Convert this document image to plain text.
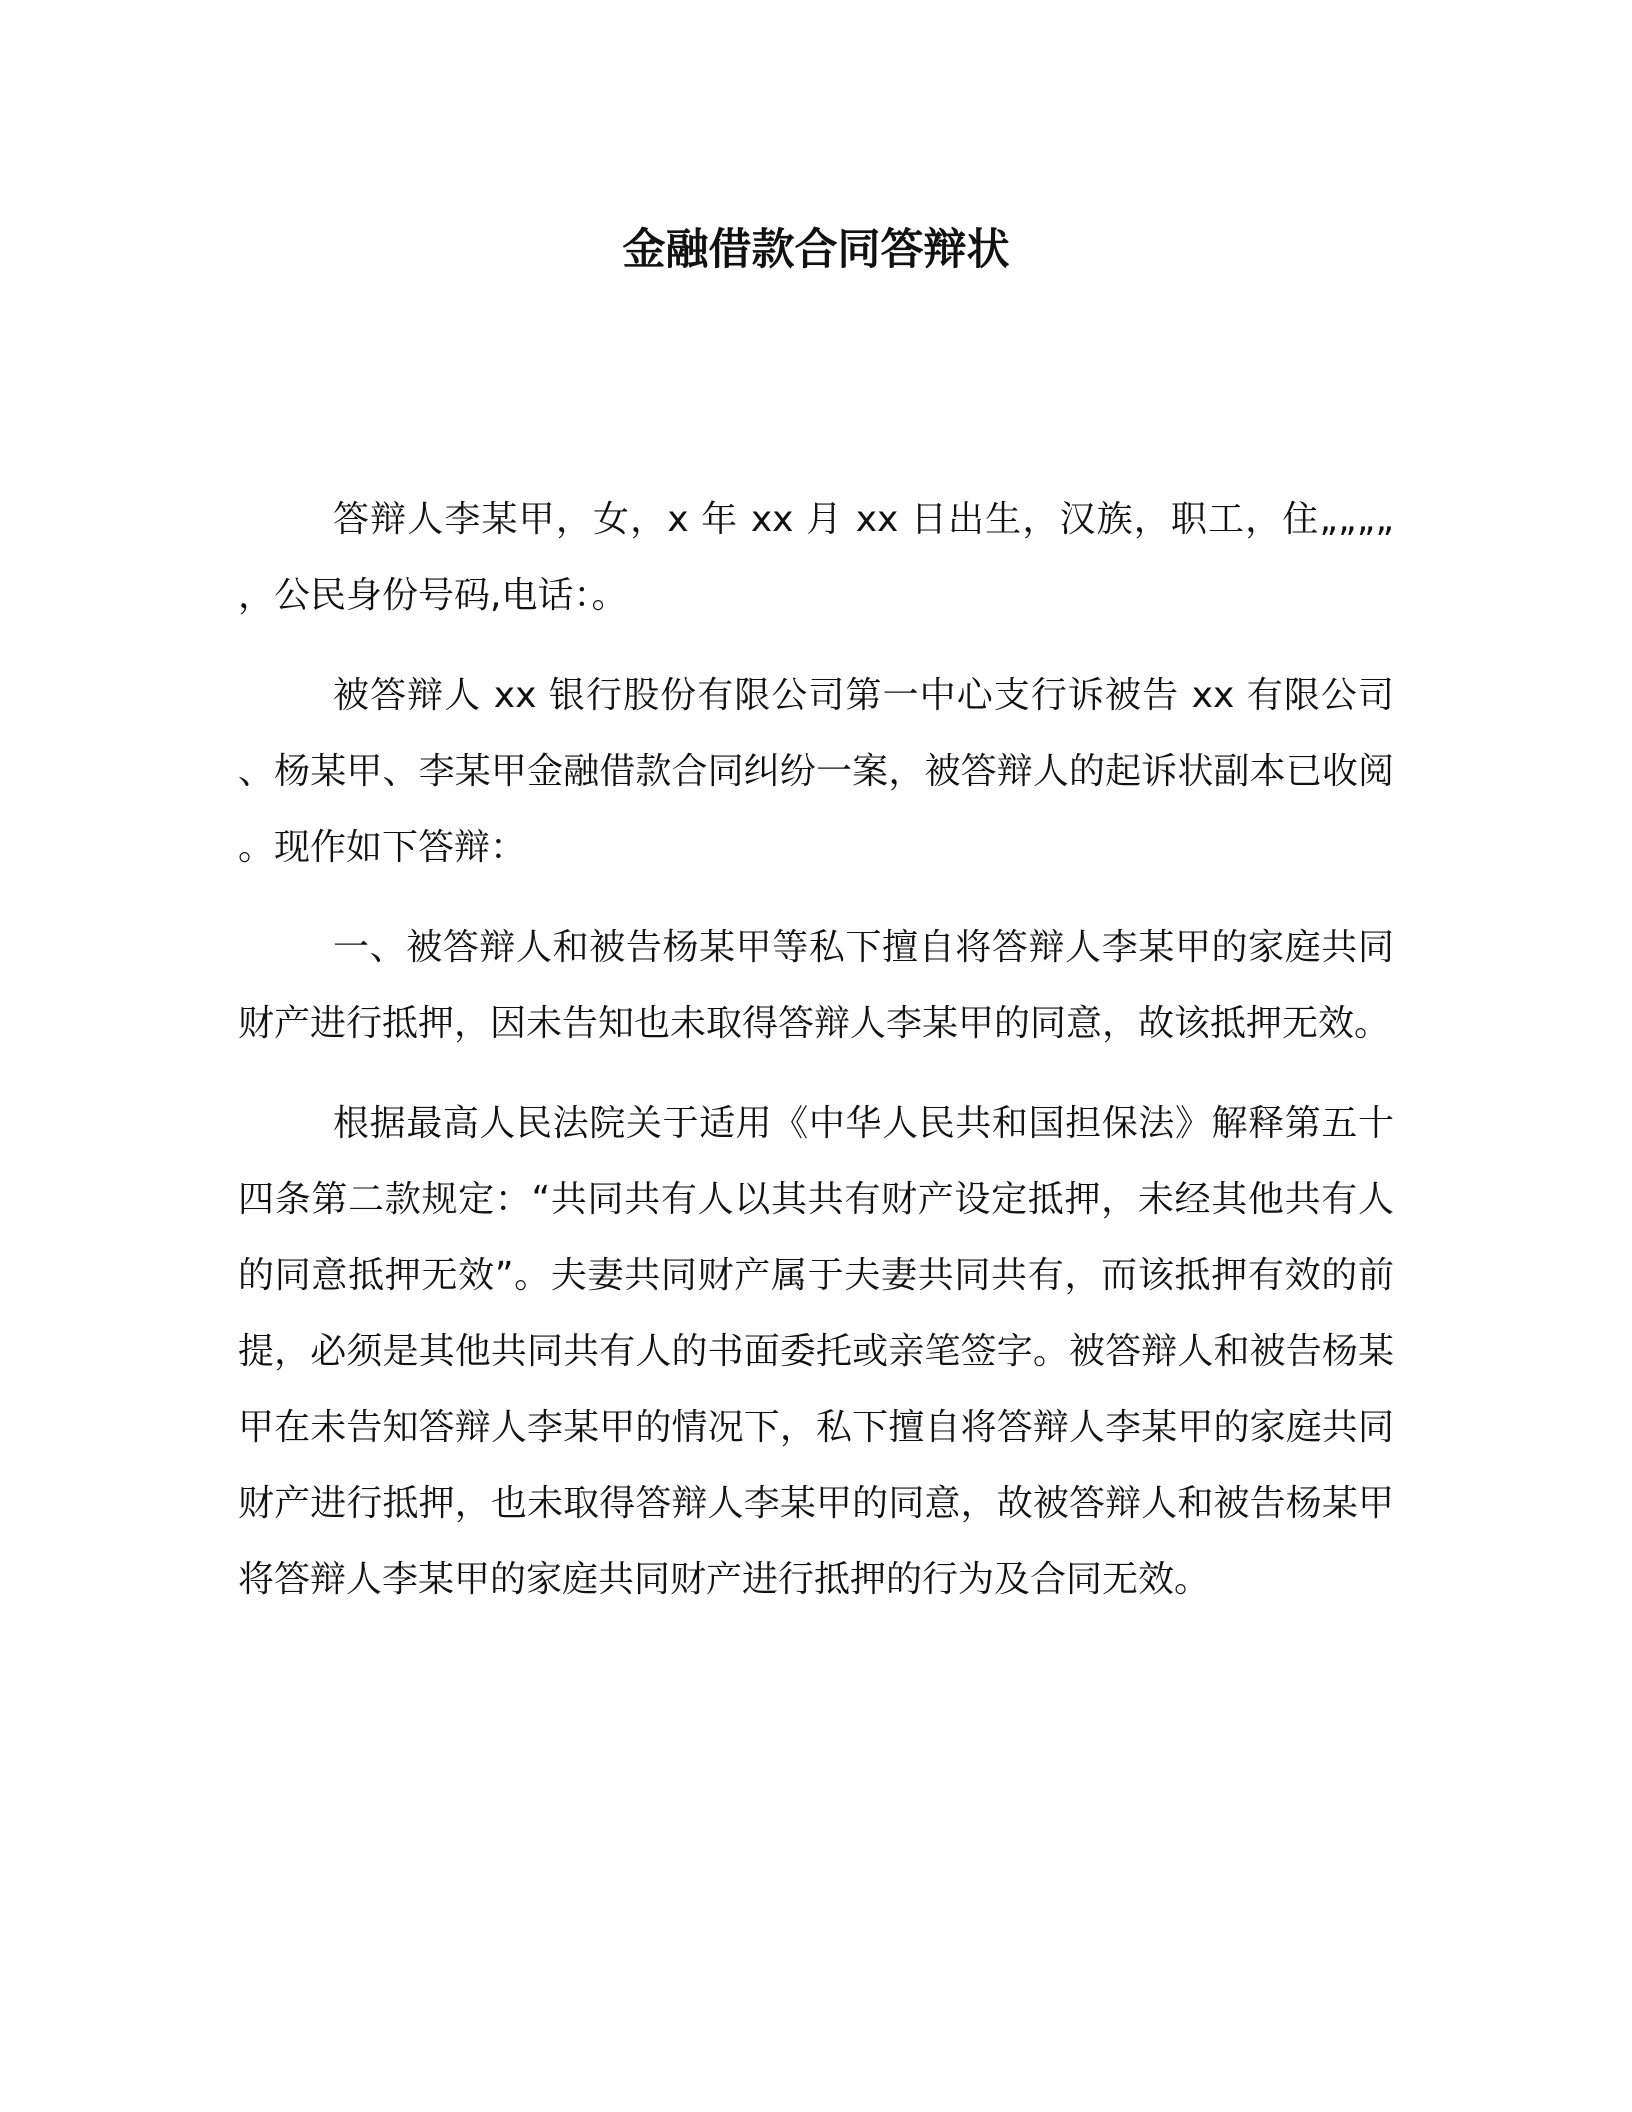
金融借款合同答辩状

答辩人李某甲，女，x 年 xx 月 xx 日出生，汉族，职工，住„„„„，公民身份号码,电话：。

被答辩人 xx 银行股份有限公司第一中心支行诉被告 xx 有限公司、杨某甲、李某甲金融借款合同纠纷一案，被答辩人的起诉状副本已收阅。现作如下答辩：

一、被答辩人和被告杨某甲等私下擅自将答辩人李某甲的家庭共同财产进行抵押，因未告知也未取得答辩人李某甲的同意，故该抵押无效。

根据最高人民法院关于适用《中华人民共和国担保法》解释第五十四条第二款规定：“共同共有人以其共有财产设定抵押，未经其他共有人的同意抵押无效”。夫妻共同财产属于夫妻共同共有，而该抵押有效的前提，必须是其他共同共有人的书面委托或亲笔签字。被答辩人和被告杨某甲在未告知答辩人李某甲的情况下，私下擅自将答辩人李某甲的家庭共同财产进行抵押，也未取得答辩人李某甲的同意，故被答辩人和被告杨某甲将答辩人李某甲的家庭共同财产进行抵押的行为及合同无效。
